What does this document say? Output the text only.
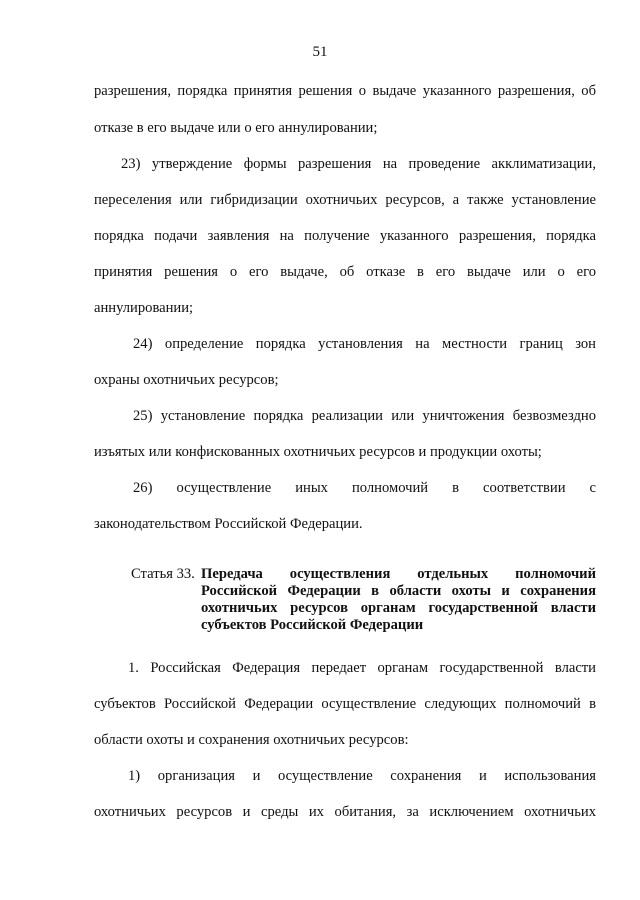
51
разрешения, порядка принятия решения о выдаче указанного разрешения, об
отказе в его выдаче или о его аннулировании;
23) утверждение формы разрешения на проведение акклиматизации,
переселения или гибридизации охотничьих ресурсов, а также установление
порядка подачи заявления на получение указанного разрешения, порядка
принятия решения о его выдаче, об отказе в его выдаче или о его
аннулировании;
24) определение порядка установления на местности границ зон
охраны охотничьих ресурсов;
25) установление порядка реализации или уничтожения безвозмездно
изъятых или конфискованных охотничьих ресурсов и продукции охоты;
26) осуществление иных полномочий в соответствии с
законодательством Российской Федерации.
Статья 33. Передача осуществления отдельных полномочий
Российской Федерации в области охоты и сохранения
охотничьих ресурсов органам государственной власти
субъектов Российской Федерации
1. Российская Федерация передает органам государственной власти
субъектов Российской Федерации осуществление следующих полномочий в
области охоты и сохранения охотничьих ресурсов:
1) организация и осуществление сохранения и использования
охотничьих ресурсов и среды их обитания, за исключением охотничьих
